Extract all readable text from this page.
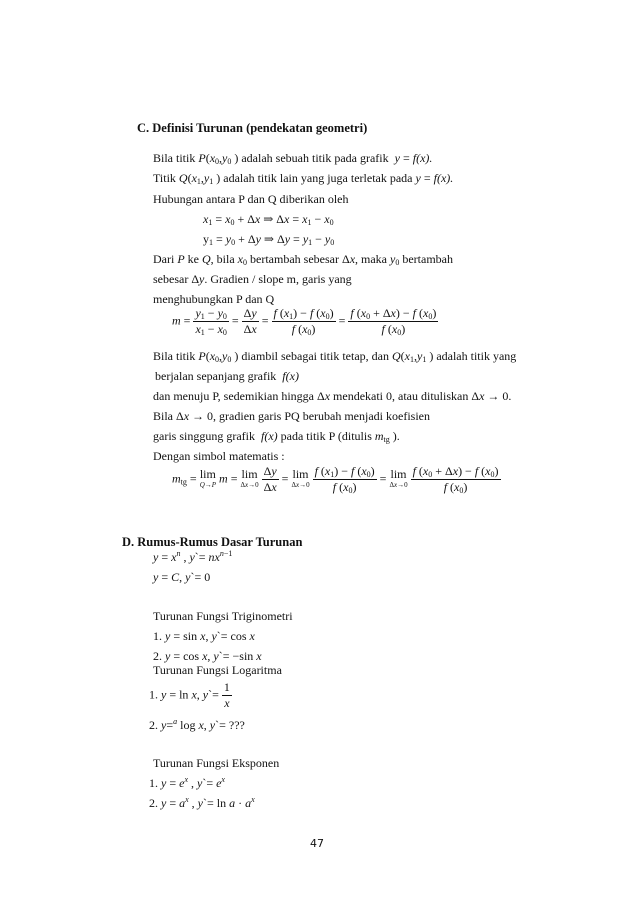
C. Definisi Turunan (pendekatan geometri)
Bila titik $P(x_0,y_0$ ) adalah sebuah titik pada grafik y = f(x).
Titik $Q(x_1,y_1$ ) adalah titik lain yang juga terletak pada y = f(x).
Hubungan antara P dan Q diberikan oleh
$x_1 = x_0 + \Delta x$ ⇒ $\Delta x = x_1 - x_0$
$y_1 = y_0 + \Delta y$ ⇒ $\Delta y = y_1 - y_0$
Dari P ke Q, bila $x_0$ bertambah sebesar Δx, maka $y_0$ bertambah
sebesar Δy. Gradien / slope m, garis yang
menghubungkan P dan Q
$m = \frac{y_1 - y_0}{x_1 - x_0} = \frac{\Delta y}{\Delta x} = \frac{f (x_1) - f (x_0)}{f (x_0)} = \frac{f (x_0 + \Delta x) - f (x_0)}{f (x_0)}$
Bila titik $P(x_0,y_0$ ) diambil sebagai titik tetap, dan $Q(x_1,y_1$ ) adalah titik yang
berjalan sepanjang grafik f(x)
dan menuju P, sedemikian hingga Δx mendekati 0, atau dituliskan Δx → 0.
Bila Δx → 0, gradien garis PQ berubah menjadi koefisien
garis singgung grafik f(x) pada titik P (ditulis $m_{tg}$ ).
Dengan simbol matematis :
$m_{tg} = \lim$
Q→P m = lim
Δx→0
$\frac{\Delta y}{\Delta x} = \lim$
Δx→0
$\frac{f (x_1) - f (x_0)}{f (x_0)} = \lim$
Δx→0
$\frac{f (x_0 + \Delta x) - f (x_0)}{f (x_0)}$
D. Rumus-Rumus Dasar Turunan
$y = x^n$ , y`= $nx^{n-1}$
y = C, y`= 0
Turunan Fungsi Triginometri
1. y = sin x, y`= cos x
2. y = cos x, y`= −sin x
Turunan Fungsi Logaritma
1. y = ln x, y`= $\frac{1}{x}$
2. y=$^a$ log x, y`= ???
Turunan Fungsi Eksponen
1. $y = e^x$ , y`= $e^x$
2. $y = a^x$ , y`= $\ln a \cdot a^x$
47
